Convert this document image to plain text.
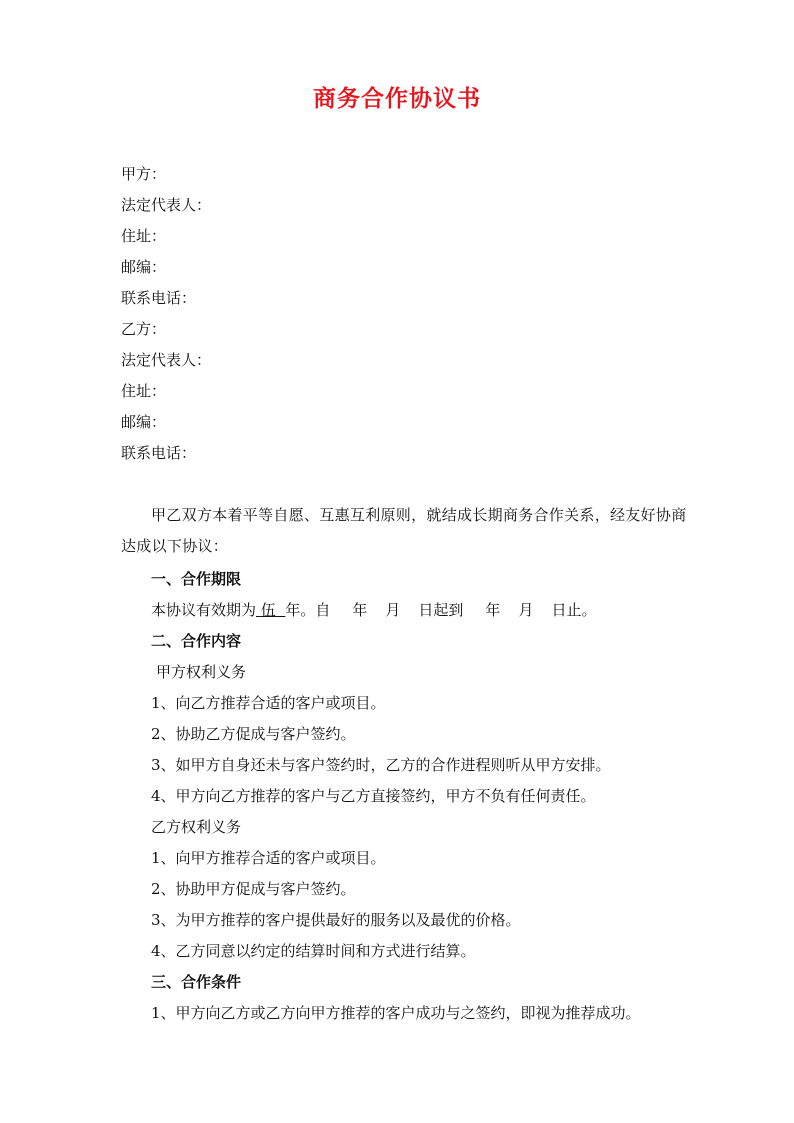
商务合作协议书
甲方：
法定代表人：
住址：
邮编：
联系电话：
乙方：
法定代表人：
住址：
邮编：
联系电话：
甲乙双方本着平等自愿、互惠互利原则，就结成长期商务合作关系，经友好协商达成以下协议：
一、合作期限
本协议有效期为 伍 年。自 年 月 日起到 年 月 日止。
二、合作内容
甲方权利义务
1、向乙方推荐合适的客户或项目。
2、协助乙方促成与客户签约。
3、如甲方自身还未与客户签约时，乙方的合作进程则听从甲方安排。
4、甲方向乙方推荐的客户与乙方直接签约，甲方不负有任何责任。
乙方权利义务
1、向甲方推荐合适的客户或项目。
2、协助甲方促成与客户签约。
3、为甲方推荐的客户提供最好的服务以及最优的价格。
4、乙方同意以约定的结算时间和方式进行结算。
三、合作条件
1、甲方向乙方或乙方向甲方推荐的客户成功与之签约，即视为推荐成功。
